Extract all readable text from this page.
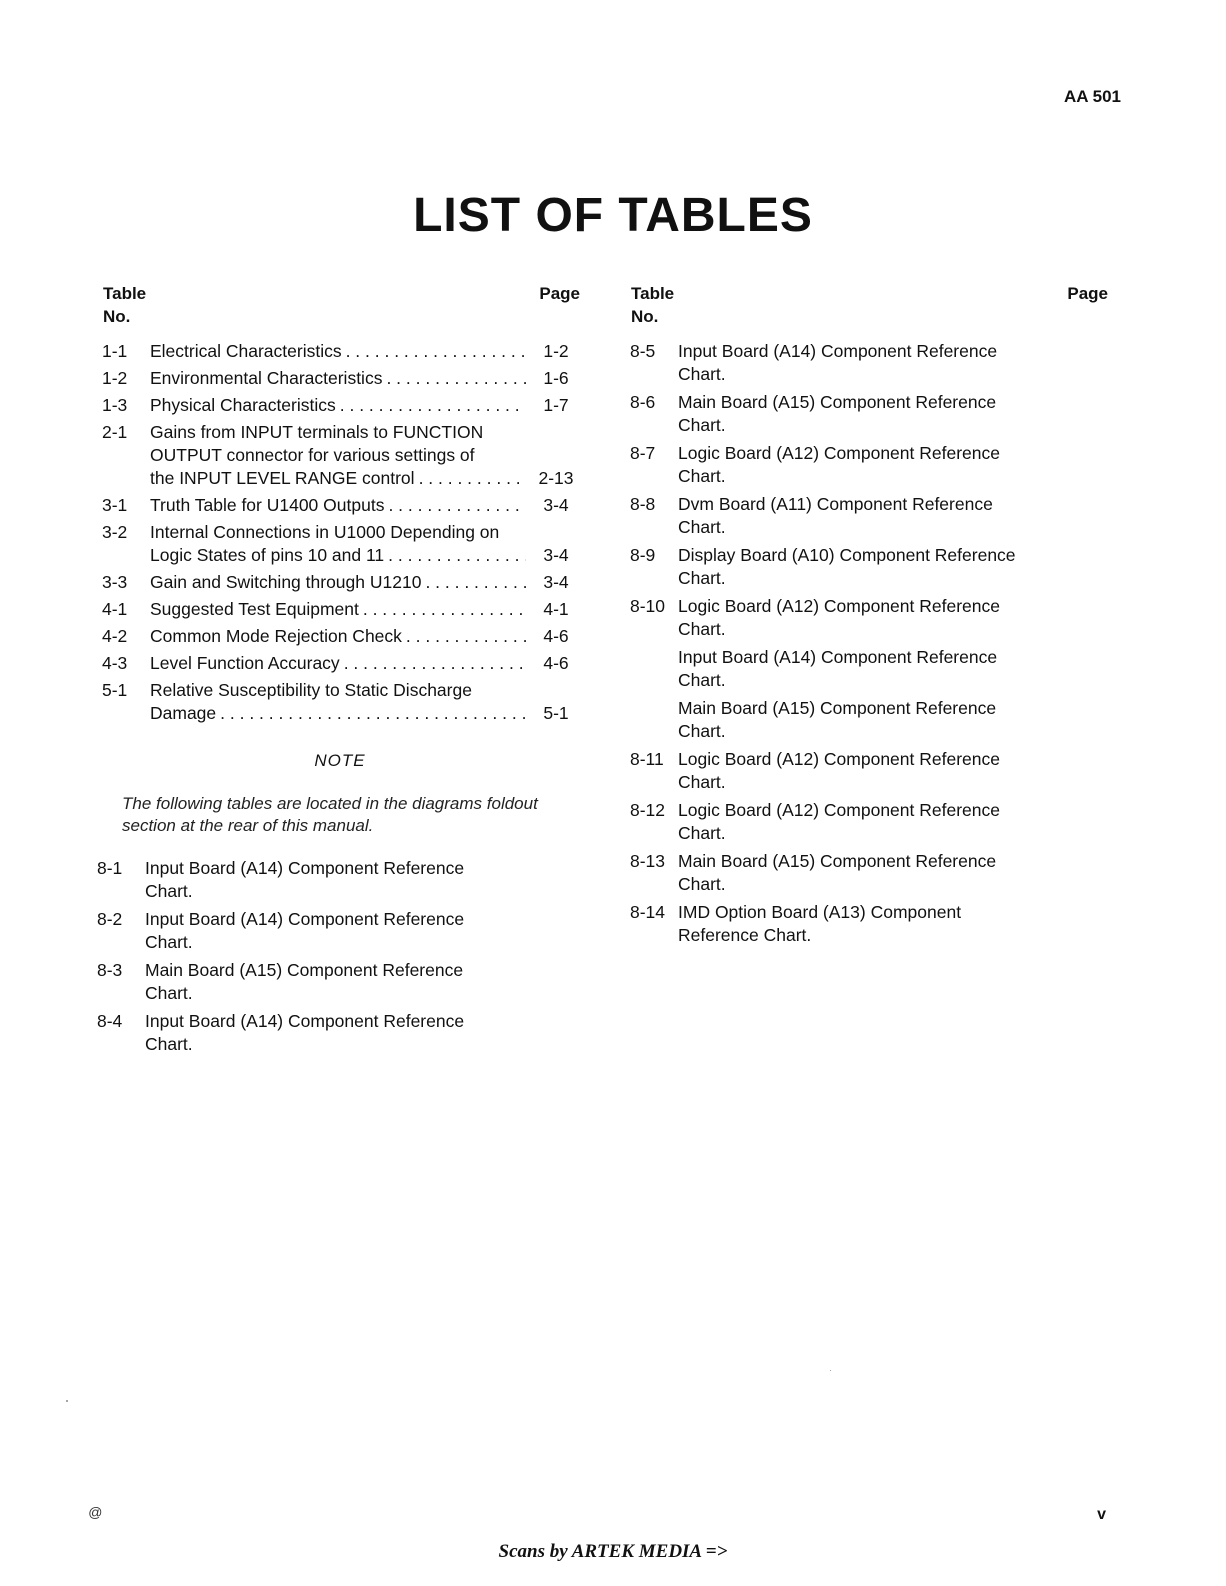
AA 501
LIST OF TABLES
Table
No.
Page
1-1 Electrical Characteristics . . .	1-2
1-2 Environmental Characteristics . . .	1-6
1-3 Physical Characteristics . . .	1-7
2-1 Gains from INPUT terminals to FUNCTION
OUTPUT connector for various settings of
the INPUT LEVEL RANGE control . . .	2-13
3-1 Truth Table for U1400 Outputs . . .	3-4
3-2 Internal Connections in U1000 Depending on
Logic States of pins 10 and 11 . . .	3-4
3-3 Gain and Switching through U1210 . . .	3-4
4-1 Suggested Test Equipment . . .	4-1
4-2 Common Mode Rejection Check . . .	4-6
4-3 Level Function Accuracy . . .	4-6
5-1 Relative Susceptibility to Static Discharge
Damage . . .	5-1
NOTE
The following tables are located in the diagrams foldout section at the rear of this manual.
8-1 Input Board (A14) Component Reference
Chart.
8-2 Input Board (A14) Component Reference
Chart.
8-3 Main Board (A15) Component Reference
Chart.
8-4 Input Board (A14) Component Reference
Chart.
Table
No.
Page
8-5 Input Board (A14) Component Reference
Chart.
8-6 Main Board (A15) Component Reference
Chart.
8-7 Logic Board (A12) Component Reference
Chart.
8-8 Dvm Board (A11) Component Reference
Chart.
8-9 Display Board (A10) Component Reference
Chart.
8-10 Logic Board (A12) Component Reference
Chart.
Input Board (A14) Component Reference
Chart.
Main Board (A15) Component Reference
Chart.
8-11 Logic Board (A12) Component Reference
Chart.
8-12 Logic Board (A12) Component Reference
Chart.
8-13 Main Board (A15) Component Reference
Chart.
8-14 IMD Option Board (A13) Component
Reference Chart.
@	v
Scans by ARTEK MEDIA =>
